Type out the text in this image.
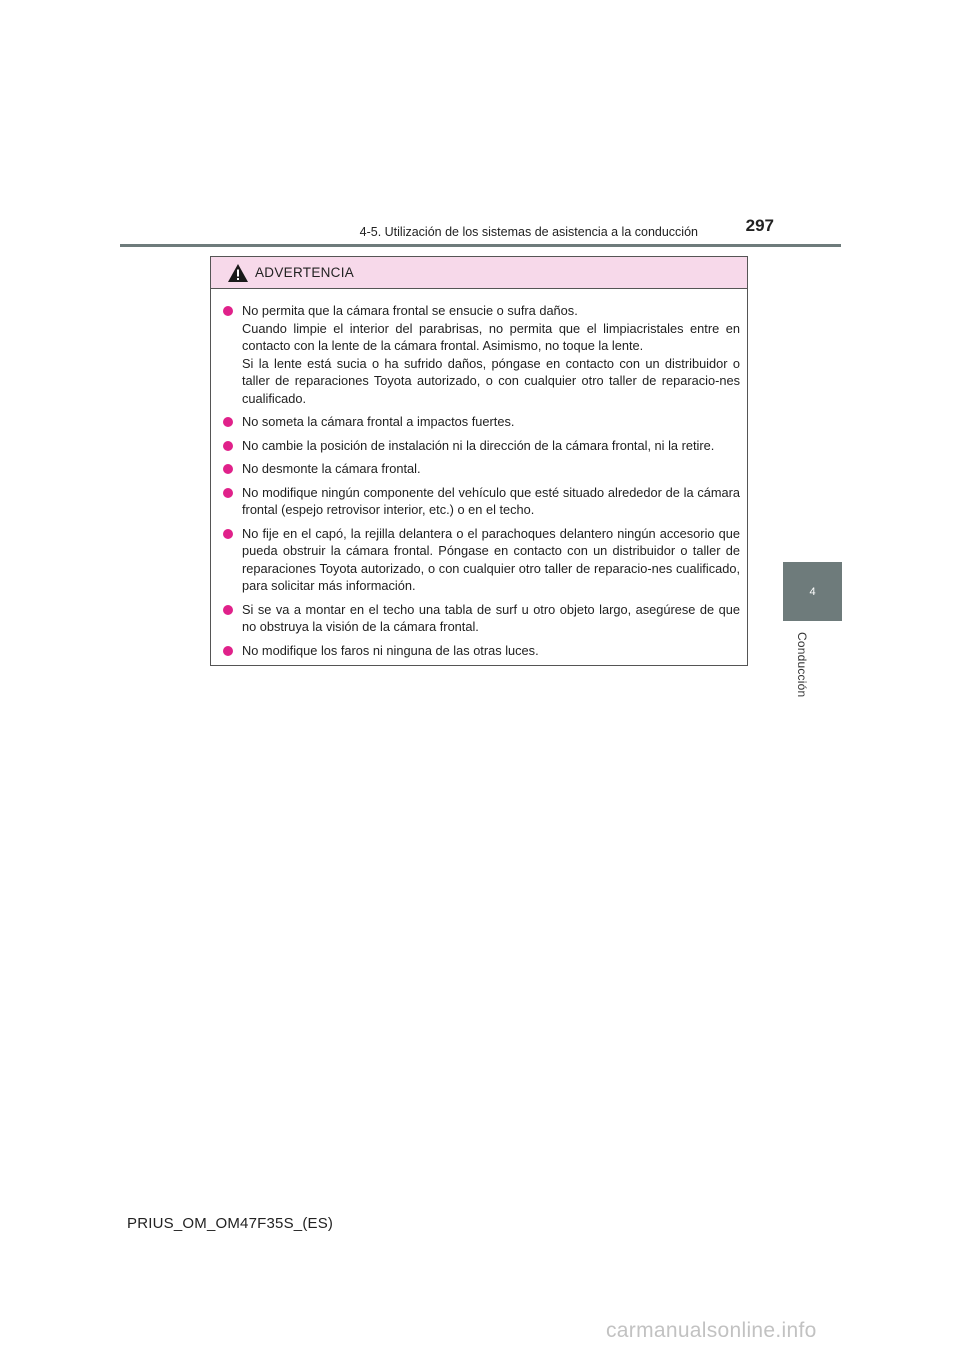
4-5. Utilización de los sistemas de asistencia a la conducción	297
4
Conducción
ADVERTENCIA
No permita que la cámara frontal se ensucie o sufra daños.
Cuando limpie el interior del parabrisas, no permita que el limpiacristales entre en contacto con la lente de la cámara frontal. Asimismo, no toque la lente.
Si la lente está sucia o ha sufrido daños, póngase en contacto con un distribuidor o taller de reparaciones Toyota autorizado, o con cualquier otro taller de reparacio-nes cualificado.
No someta la cámara frontal a impactos fuertes.
No cambie la posición de instalación ni la dirección de la cámara frontal, ni la retire.
No desmonte la cámara frontal.
No modifique ningún componente del vehículo que esté situado alrededor de la cámara frontal (espejo retrovisor interior, etc.) o en el techo.
No fije en el capó, la rejilla delantera o el parachoques delantero ningún accesorio que pueda obstruir la cámara frontal. Póngase en contacto con un distribuidor o taller de reparaciones Toyota autorizado, o con cualquier otro taller de reparacio-nes cualificado, para solicitar más información.
Si se va a montar en el techo una tabla de surf u otro objeto largo, asegúrese de que no obstruya la visión de la cámara frontal.
No modifique los faros ni ninguna de las otras luces.
PRIUS_OM_OM47F35S_(ES)
carmanualsonline.info
